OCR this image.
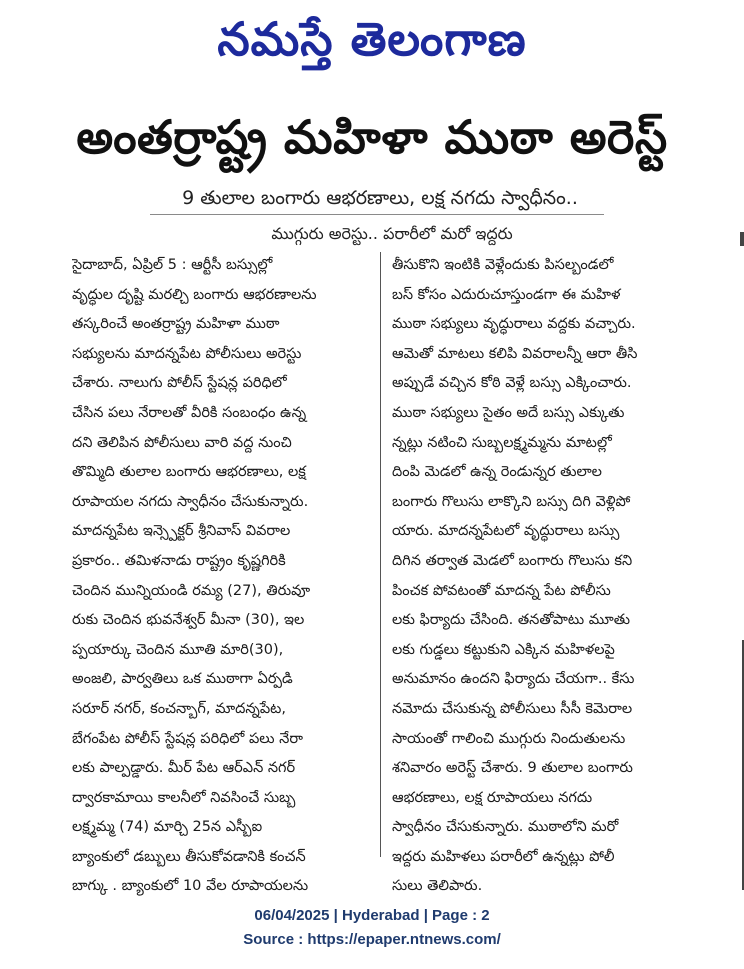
నమస్తే తెలంగాణ
అంతర్రాష్ట్ర మహిళా ముఠా అరెస్ట్
9 తులాల బంగారు ఆభరణాలు, లక్ష నగదు స్వాధీనం..
ముగ్గురు అరెస్టు.. పరారీలో మరో ఇద్దరు

సైదాబాద్, ఏప్రిల్ 5 : ఆర్టీసీ బస్సుల్లో

వృద్ధుల దృష్టి మరల్చి బంగారు ఆభరణాలను

తస్కరించే అంతర్రాష్ట్ర మహిళా ముఠా

సభ్యులను మాదన్నపేట పోలీసులు అరెస్టు

చేశారు. నాలుగు పోలీస్ స్టేషన్ల పరిధిలో

చేసిన పలు నేరాలతో వీరికి సంబంధం ఉన్న

దని తెలిపిన పోలీసులు వారి వద్ద నుంచి

తొమ్మిది తులాల బంగారు ఆభరణాలు, లక్ష

రూపాయల నగదు స్వాధీనం చేసుకున్నారు.

మాదన్నపేట ఇన్స్పెక్టర్ శ్రీనివాస్ వివరాల

ప్రకారం.. తమిళనాడు రాష్ట్రం కృష్ణగిరికి

చెందిన మున్నియండి రమ్య (27), తిరువూ

రుకు చెందిన భువనేశ్వర్ మీనా (30), ఇల

ప్పయార్కు చెందిన మూతి మారి(30),

అంజలి, పార్వతిలు ఒక ముఠాగా ఏర్పడి

సరూర్ నగర్, కంచన్బాగ్, మాదన్నపేట,

బేగంపేట పోలీస్ స్టేషన్ల పరిధిలో పలు నేరా

లకు పాల్పడ్డారు. మీర్ పేట ఆర్ఎన్ నగర్

ద్వారకామాయి కాలనీలో నివసించే సుబ్బ

లక్ష్మమ్మ (74) మార్చి 25న ఎస్బీఐ

బ్యాంకులో డబ్బులు తీసుకోవడానికి కంచన్

బాగ్కు . బ్యాంకులో 10 వేల రూపాయలను

తీసుకొని ఇంటికి వెళ్లేందుకు పిసల్బండలో

బస్ కోసం ఎదురుచూస్తుండగా ఈ మహిళ

ముఠా సభ్యులు వృద్ధురాలు వద్దకు వచ్చారు.

ఆమెతో మాటలు కలిపి వివరాలన్నీ ఆరా తీసి

అప్పుడే వచ్చిన కోఠి వెళ్లే బస్సు ఎక్కించారు.

ముఠా సభ్యులు సైతం అదే బస్సు ఎక్కుతు

న్నట్లు నటించి సుబ్బలక్ష్మమ్మను మాటల్లో

దింపి మెడలో ఉన్న రెండున్నర తులాల

బంగారు గొలుసు లాక్కొని బస్సు దిగి వెళ్లిపో

యారు. మాదన్నపేటలో వృద్ధురాలు బస్సు

దిగిన తర్వాత మెడలో బంగారు గొలుసు కని

పించక పోవటంతో మాదన్న పేట పోలీసు

లకు ఫిర్యాదు చేసింది. తనతోపాటు మూతు

లకు గుడ్డలు కట్టుకుని ఎక్కిన మహిళలపై

అనుమానం ఉందని ఫిర్యాదు చేయగా.. కేసు

నమోదు చేసుకున్న పోలీసులు సీసీ కెమెరాల

సాయంతో గాలించి ముగ్గురు నిందుతులను

శనివారం అరెస్ట్ చేశారు. 9 తులాల బంగారు

ఆభరణాలు, లక్ష రూపాయలు నగదు

స్వాధీనం చేసుకున్నారు. ముఠాలోని మరో

ఇద్దరు మహిళలు పరారీలో ఉన్నట్లు పోలీ

సులు తెలిపారు.

06/04/2025 | Hyderabad | Page : 2
Source : https://epaper.ntnews.com/
